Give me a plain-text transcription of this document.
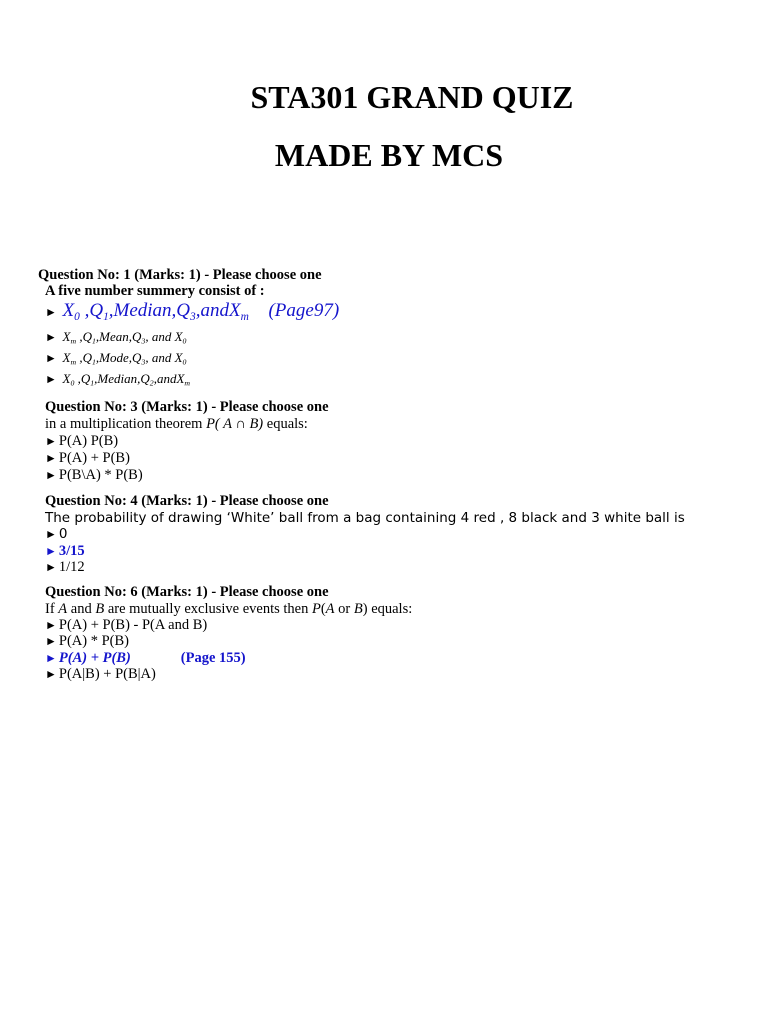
STA301 GRAND QUIZ
MADE BY MCS
Question No: 1 (Marks: 1) - Please choose one
A five number summery consist of :
► $X_0$ $,Q_1,Median,Q_3,andX_m$ (Page97)
► $X_m$ $,Q_1,Mean,Q_3$, and $X_0$
► $X_m$ $,Q_1,Mode,Q_3$, and $X_0$
► $X_0$ $,Q_1,Median,Q_2,andX_m$
Question No: 3 (Marks: 1) - Please choose one
in a multiplication theorem P( A ∩ B) equals:
► P(A) P(B)
► P(A) + P(B)
► P(B\A) * P(B)
Question No: 4 (Marks: 1) - Please choose one
The probability of drawing ‘White’ ball from a bag containing 4 red , 8 black and 3 white ball is
► 0
► 3/15
► 1/12
Question No: 6 (Marks: 1) - Please choose one
If A and B are mutually exclusive events then P(A or B) equals:
► P(A) + P(B) - P(A and B)
► P(A) * P(B)
► P(A) + P(B)	(Page 155)
► P(A|B) + P(B|A)
